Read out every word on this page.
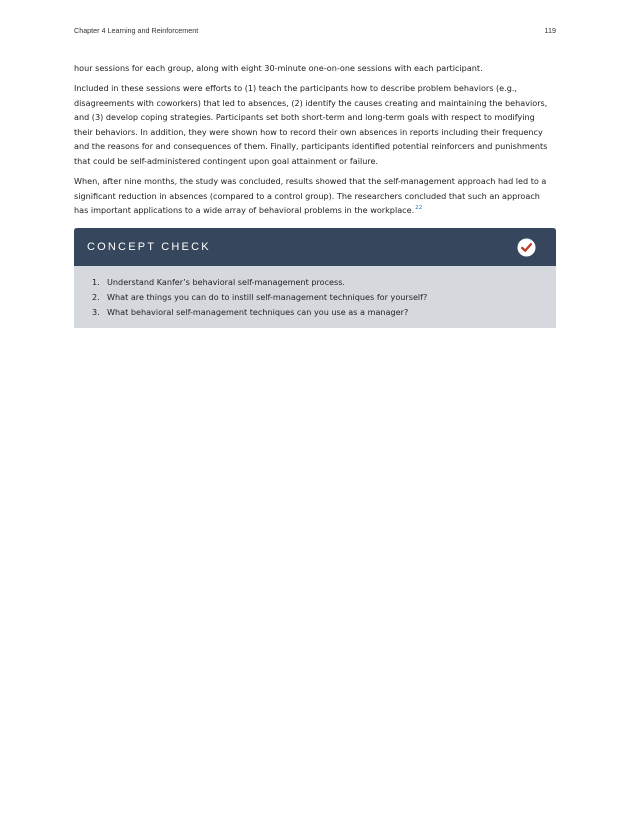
Chapter 4 Learning and Reinforcement	119

hour sessions for each group, along with eight 30-minute one-on-one sessions with each participant.

Included in these sessions were efforts to (1) teach the participants how to describe problem behaviors (e.g., disagreements with coworkers) that led to absences, (2) identify the causes creating and maintaining the behaviors, and (3) develop coping strategies. Participants set both short-term and long-term goals with respect to modifying their behaviors. In addition, they were shown how to record their own absences in reports including their frequency and the reasons for and consequences of them. Finally, participants identified potential reinforcers and punishments that could be self-administered contingent upon goal attainment or failure.

When, after nine months, the study was concluded, results showed that the self-management approach had led to a significant reduction in absences (compared to a control group). The researchers concluded that such an approach has important applications to a wide array of behavioral problems in the workplace.$^{22}$

CONCEPT CHECK
1. Understand Kanfer’s behavioral self-management process.
2. What are things you can do to instill self-management techniques for yourself?
3. What behavioral self-management techniques can you use as a manager?
